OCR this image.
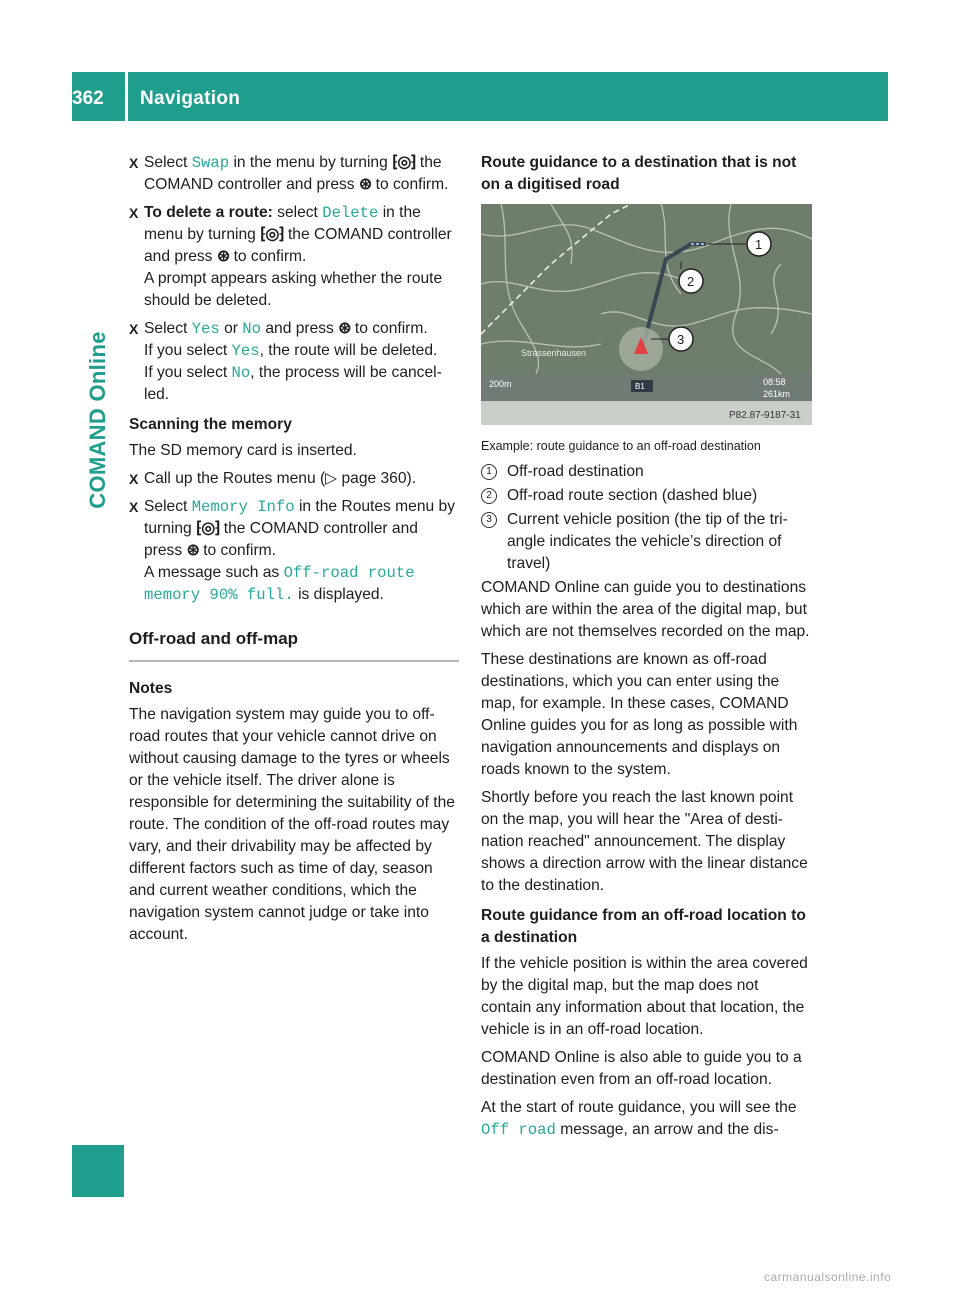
362	Navigation
COMAND Online

X Select Swap in the menu by turning ⁅◎⁆ the COMAND controller and press ⊛ to confirm.

X To delete a route: select Delete in the menu by turning ⁅◎⁆ the COMAND controller and press ⊛ to confirm.
A prompt appears asking whether the route should be deleted.

X Select Yes or No and press ⊛ to confirm.
If you select Yes, the route will be deleted.
If you select No, the process will be cancelled.

Scanning the memory

The SD memory card is inserted.

X Call up the Routes menu (▷ page 360).

X Select Memory Info in the Routes menu by turning ⁅◎⁆ the COMAND controller and press ⊛ to confirm.
A message such as Off-road route memory 90% full. is displayed.

Off-road and off-map
Notes

The navigation system may guide you to off-road routes that your vehicle cannot drive on without causing damage to the tyres or wheels or the vehicle itself. The driver alone is responsible for determining the suitability of the route. The condition of the off-road routes may vary, and their drivability may be affected by different factors such as time of day, season and current weather conditions, which the navigation system cannot judge or take into account.

Route guidance to a destination that is not on a digitised road
Strassenhausen
200m	B1	08:58
261km
P82.87-9187-31
1
2
3

Example: route guidance to an off-road destination

1 Off-road destination

2 Off-road route section (dashed blue)

3 Current vehicle position (the tip of the triangle indicates the vehicle’s direction of travel)

COMAND Online can guide you to destinations which are within the area of the digital map, but which are not themselves recorded on the map.

These destinations are known as off-road destinations, which you can enter using the map, for example. In these cases, COMAND Online guides you for as long as possible with navigation announcements and displays on roads known to the system.

Shortly before you reach the last known point on the map, you will hear the "Area of destination reached" announcement. The display shows a direction arrow with the linear distance to the destination.

Route guidance from an off-road location to a destination

If the vehicle position is within the area covered by the digital map, but the map does not contain any information about that location, the vehicle is in an off-road location.

COMAND Online is also able to guide you to a destination even from an off-road location.

At the start of route guidance, you will see the Off road message, an arrow and the dis-

carmanualsonline.info
